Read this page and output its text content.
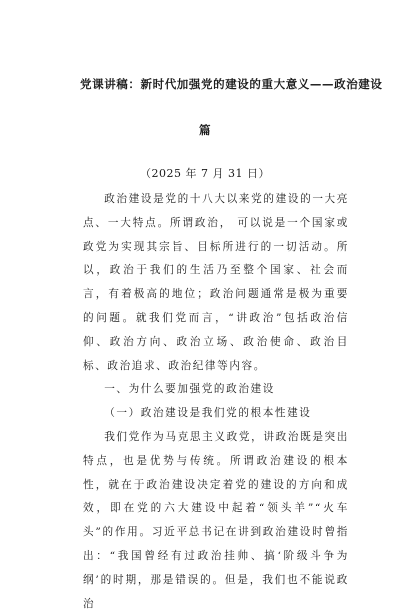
党课讲稿：新时代加强党的建设的重大意义——政治建设
篇
（2025 年 7 月 31 日）

政治建设是党的十八大以来党的建设的一大亮点、一大特点。所谓政治， 可以说是一个国家或政党为实现其宗旨、目标所进行的一切活动。所以，政治于我们的生活乃至整个国家、社会而言，有着极高的地位；政治问题通常是极为重要的问题。就我们党而言，“讲政治”包括政治信仰、政治方向、政治立场、政治使命、政治目标、政治追求、政治纪律等内容。

一、为什么要加强党的政治建设

（一）政治建设是我们党的根本性建设

我们党作为马克思主义政党，讲政治既是突出特点，也是优势与传统。所谓政治建设的根本性，就在于政治建设决定着党的建设的方向和成效，即在党的六大建设中起着“领头羊”“火车头”的作用。习近平总书记在讲到政治建设时曾指出：“我国曾经有过政治挂帅、搞‘阶级斗争为纲’的时期，那是错误的。但是，我们也不能说政治
